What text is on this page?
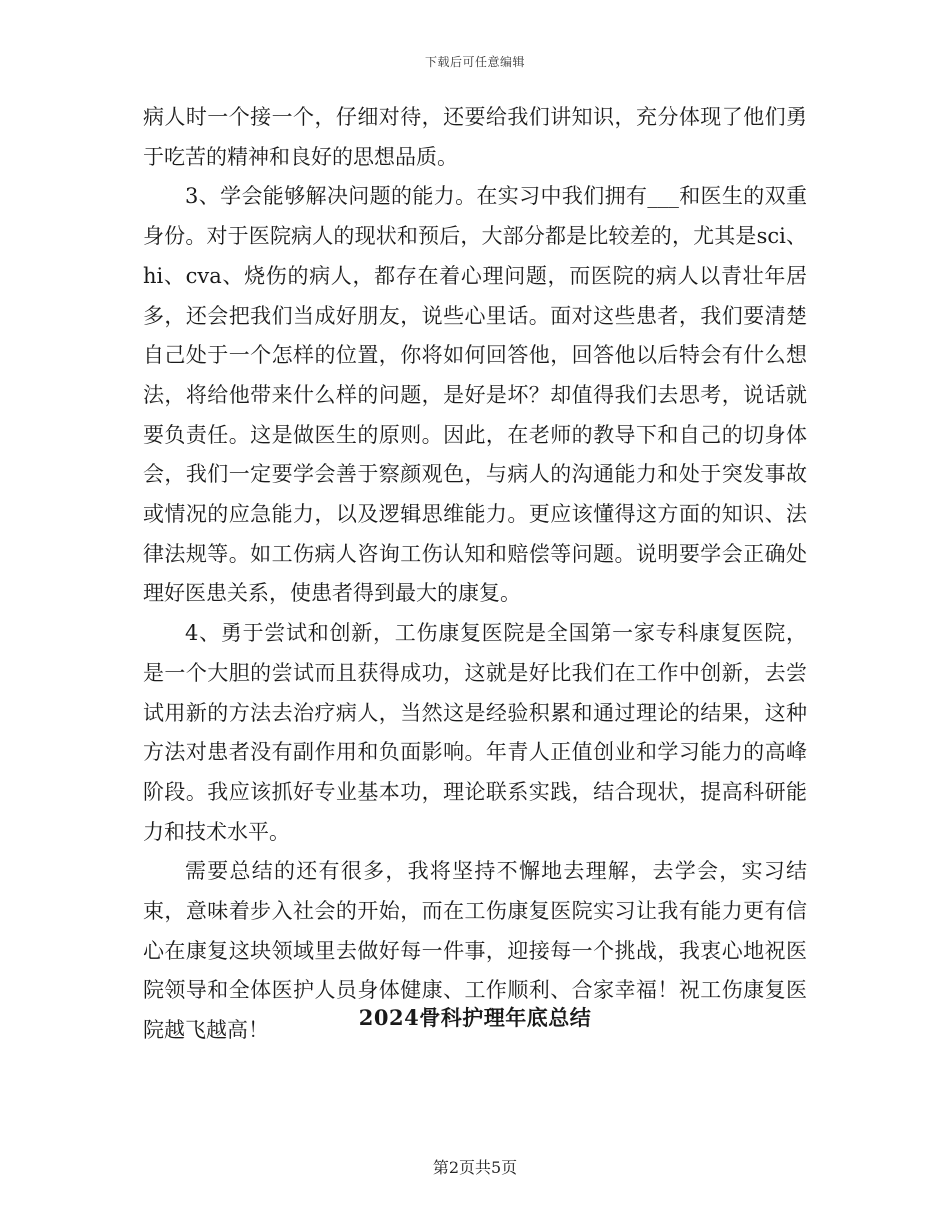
下载后可任意编辑

病人时一个接一个，仔细对待，还要给我们讲知识，充分体现了他们勇于吃苦的精神和良好的思想品质。

3、学会能够解决问题的能力。在实习中我们拥有___和医生的双重身份。对于医院病人的现状和预后，大部分都是比较差的，尤其是sci、hi、cva、烧伤的病人，都存在着心理问题，而医院的病人以青壮年居多，还会把我们当成好朋友，说些心里话。面对这些患者，我们要清楚自己处于一个怎样的位置，你将如何回答他，回答他以后特会有什么想法，将给他带来什么样的问题，是好是坏？却值得我们去思考，说话就要负责任。这是做医生的原则。因此，在老师的教导下和自己的切身体会，我们一定要学会善于察颜观色，与病人的沟通能力和处于突发事故或情况的应急能力，以及逻辑思维能力。更应该懂得这方面的知识、法律法规等。如工伤病人咨询工伤认知和赔偿等问题。说明要学会正确处理好医患关系，使患者得到最大的康复。

4、勇于尝试和创新，工伤康复医院是全国第一家专科康复医院，是一个大胆的尝试而且获得成功，这就是好比我们在工作中创新，去尝试用新的方法去治疗病人，当然这是经验积累和通过理论的结果，这种方法对患者没有副作用和负面影响。年青人正值创业和学习能力的高峰阶段。我应该抓好专业基本功，理论联系实践，结合现状，提高科研能力和技术水平。

需要总结的还有很多，我将坚持不懈地去理解，去学会，实习结束，意味着步入社会的开始，而在工伤康复医院实习让我有能力更有信心在康复这块领域里去做好每一件事，迎接每一个挑战，我衷心地祝医院领导和全体医护人员身体健康、工作顺利、合家幸福！祝工伤康复医院越飞越高！

2024骨科护理年底总结
第2页共5页
